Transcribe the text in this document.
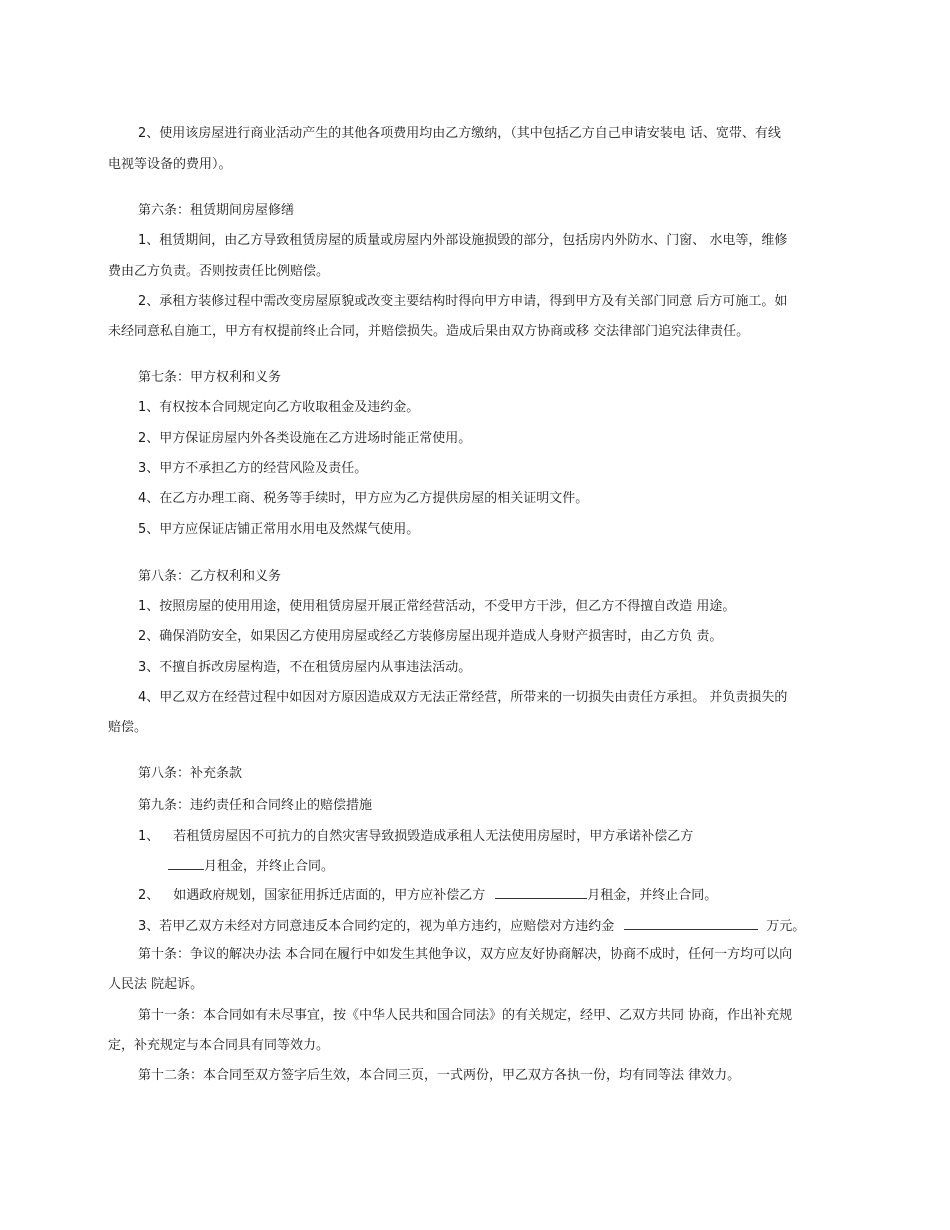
2、使用该房屋进行商业活动产生的其他各项费用均由乙方缴纳，（其中包括乙方自己申请安装电 话、宽带、有线
电视等设备的费用）。
第六条：租赁期间房屋修缮
1、租赁期间，由乙方导致租赁房屋的质量或房屋内外部设施损毁的部分，包括房内外防水、门窗、 水电等，维修
费由乙方负责。否则按责任比例赔偿。
2、承租方装修过程中需改变房屋原貌或改变主要结构时得向甲方申请，得到甲方及有关部门同意 后方可施工。如
未经同意私自施工，甲方有权提前终止合同，并赔偿损失。造成后果由双方协商或移 交法律部门追究法律责任。
第七条：甲方权利和义务
1、有权按本合同规定向乙方收取租金及违约金。
2、甲方保证房屋内外各类设施在乙方进场时能正常使用。
3、甲方不承担乙方的经营风险及责任。
4、在乙方办理工商、税务等手续时，甲方应为乙方提供房屋的相关证明文件。
5、甲方应保证店铺正常用水用电及然煤气使用。
第八条：乙方权利和义务
1、按照房屋的使用用途，使用租赁房屋开展正常经营活动，不受甲方干涉，但乙方不得擅自改造 用途。
2、确保消防安全，如果因乙方使用房屋或经乙方装修房屋出现并造成人身财产损害时，由乙方负 责。
3、不擅自拆改房屋构造，不在租赁房屋内从事违法活动。
4、甲乙双方在经营过程中如因对方原因造成双方无法正常经营，所带来的一切损失由责任方承担。 并负责损失的
赔偿。
第八条：补充条款
第九条：违约责任和合同终止的赔偿措施
1、 若租赁房屋因不可抗力的自然灾害导致损毁造成承租人无法使用房屋时，甲方承诺补偿乙方
月租金，并终止合同。
2、 如遇政府规划，国家征用拆迁店面的，甲方应补偿乙方	月租金，并终止合同。
3、若甲乙双方未经对方同意违反本合同约定的，视为单方违约，应赔偿对方违约金	万元。
第十条：争议的解决办法 本合同在履行中如发生其他争议，双方应友好协商解决，协商不成时，任何一方均可以向
人民法 院起诉。
第十一条：本合同如有未尽事宜，按《中华人民共和国合同法》的有关规定，经甲、乙双方共同 协商，作出补充规
定，补充规定与本合同具有同等效力。
第十二条：本合同至双方签字后生效，本合同三页，一式两份，甲乙双方各执一份，均有同等法 律效力。
